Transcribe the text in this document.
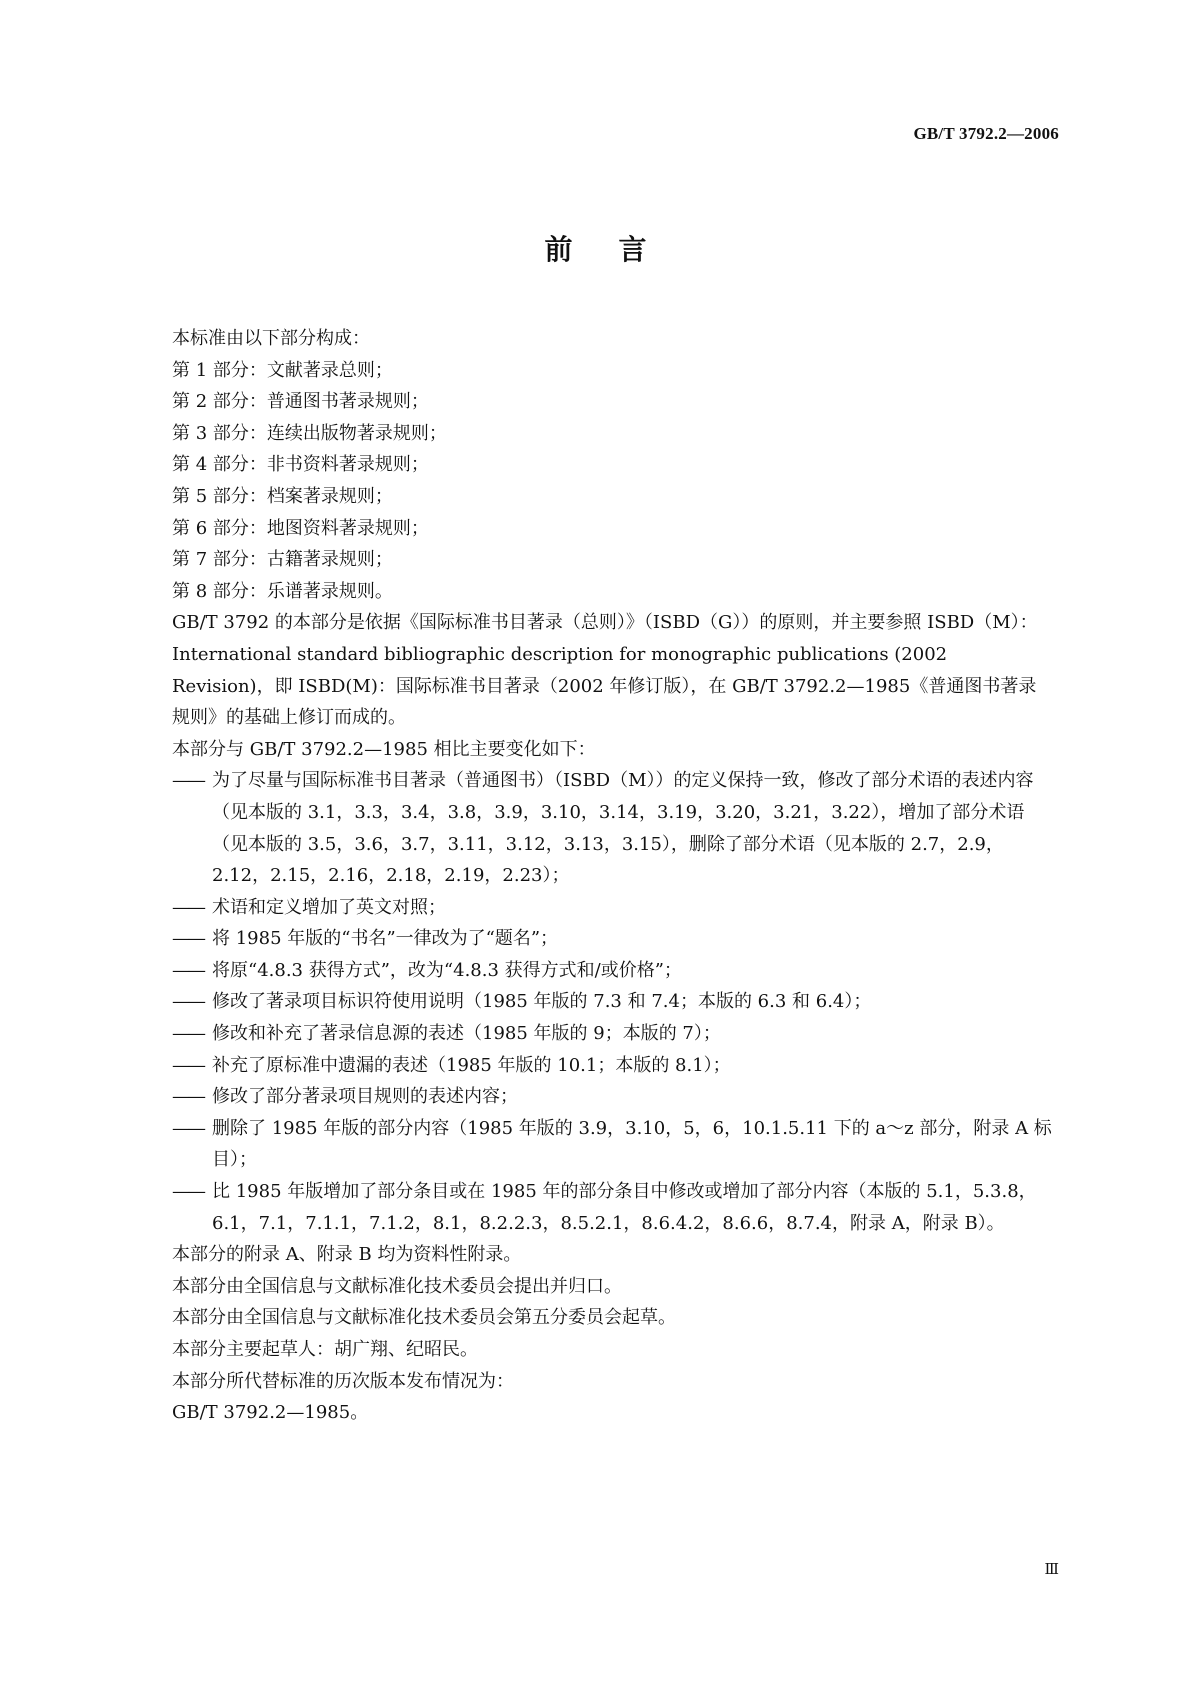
GB/T 3792.2—2006
前言

本标准由以下部分构成：

第 1 部分：文献著录总则；

第 2 部分：普通图书著录规则；

第 3 部分：连续出版物著录规则；

第 4 部分：非书资料著录规则；

第 5 部分：档案著录规则；

第 6 部分：地图资料著录规则；

第 7 部分：古籍著录规则；

第 8 部分：乐谱著录规则。

GB/T 3792 的本部分是依据《国际标准书目著录（总则）》（ISBD（G））的原则，并主要参照 ISBD（M）：International standard bibliographic description for monographic publications (2002 Revision)，即 ISBD(M)：国际标准书目著录（2002 年修订版），在 GB/T 3792.2—1985《普通图书著录规则》的基础上修订而成的。

本部分与 GB/T 3792.2—1985 相比主要变化如下：

—— 为了尽量与国际标准书目著录（普通图书）（ISBD（M））的定义保持一致，修改了部分术语的表述内容（见本版的 3.1，3.3，3.4，3.8，3.9，3.10，3.14，3.19，3.20，3.21，3.22），增加了部分术语（见本版的 3.5，3.6，3.7，3.11，3.12，3.13，3.15），删除了部分术语（见本版的 2.7，2.9，2.12，2.15，2.16，2.18，2.19，2.23）；
—— 术语和定义增加了英文对照；
—— 将 1985 年版的“书名”一律改为了“题名”；
—— 将原“4.8.3 获得方式”，改为“4.8.3 获得方式和/或价格”；
—— 修改了著录项目标识符使用说明（1985 年版的 7.3 和 7.4；本版的 6.3 和 6.4）；
—— 修改和补充了著录信息源的表述（1985 年版的 9；本版的 7）；
—— 补充了原标准中遗漏的表述（1985 年版的 10.1；本版的 8.1）；
—— 修改了部分著录项目规则的表述内容；
—— 删除了 1985 年版的部分内容（1985 年版的 3.9，3.10，5，6，10.1.5.11 下的 a～z 部分，附录 A 标目）；
—— 比 1985 年版增加了部分条目或在 1985 年的部分条目中修改或增加了部分内容（本版的 5.1，5.3.8，6.1，7.1，7.1.1，7.1.2，8.1，8.2.2.3，8.5.2.1，8.6.4.2，8.6.6，8.7.4，附录 A，附录 B）。

本部分的附录 A、附录 B 均为资料性附录。

本部分由全国信息与文献标准化技术委员会提出并归口。

本部分由全国信息与文献标准化技术委员会第五分委员会起草。

本部分主要起草人：胡广翔、纪昭民。

本部分所代替标准的历次版本发布情况为：

GB/T 3792.2—1985。

Ⅲ
